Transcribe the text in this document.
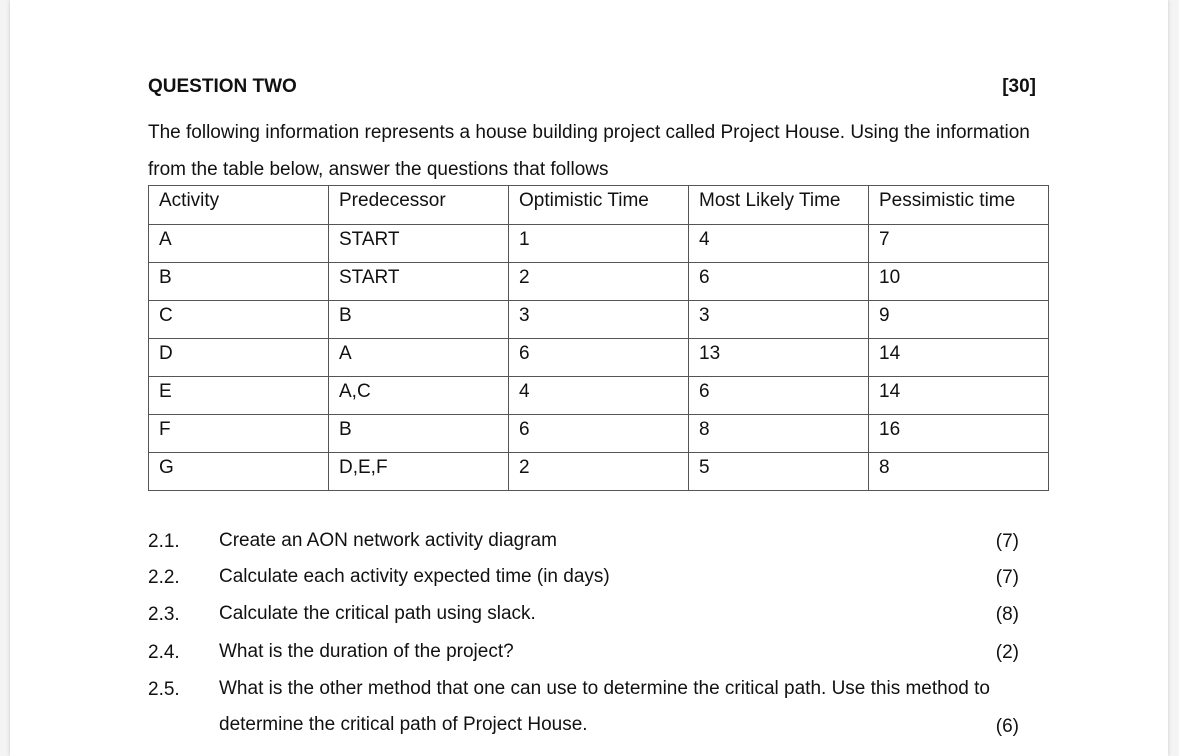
QUESTION TWO	[30]
The following information represents a house building project called Project House. Using the information from the table below, answer the questions that follows
Activity	Predecessor	Optimistic Time	Most Likely Time	Pessimistic time
A	START	1	4	7
B	START	2	6	10
C	B	3	3	9
D	A	6	13	14
E	A,C	4	6	14
F	B	6	8	16
G	D,E,F	2	5	8
2.1. Create an AON network activity diagram	(7)
2.2. Calculate each activity expected time (in days)	(7)
2.3. Calculate the critical path using slack.	(8)
2.4. What is the duration of the project?	(2)
2.5. What is the other method that one can use to determine the critical path. Use this method to determine the critical path of Project House.	(6)
